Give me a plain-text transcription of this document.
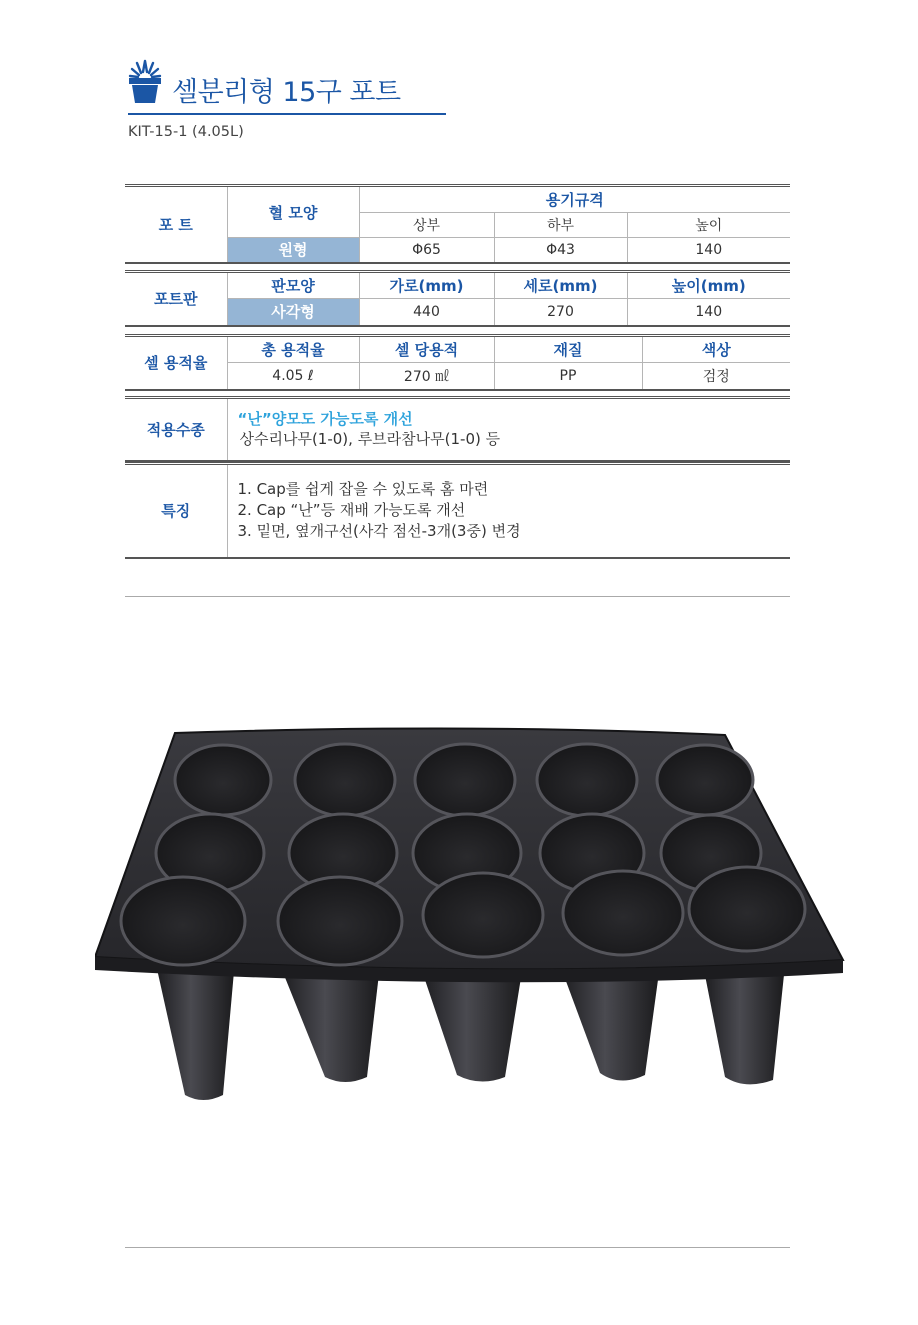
셀분리형 15구 포트
KIT-15-1 (4.05L)
포 트	혈 모양	용기규격		
		상부	하부	높이
	원형	Φ65	Φ43	140
포트판	판모양	가로(mm)	세로(mm)	높이(mm)
	사각형	440	270	140
셀 용적율	총 용적율	셀 당용적	재질	색상
	4.05 ℓ	270 ㎖	PP	검정
적용수종	
“난”양모도 가능도록 개선
상수리나무(1-0), 루브라참나무(1-0) 등
특징	
1. Cap를 쉽게 잡을 수 있도록 홈 마련
2. Cap “난”등 재배 가능도록 개선
3. 밑면, 옆개구선(사각 점선-3개(3중) 변경
